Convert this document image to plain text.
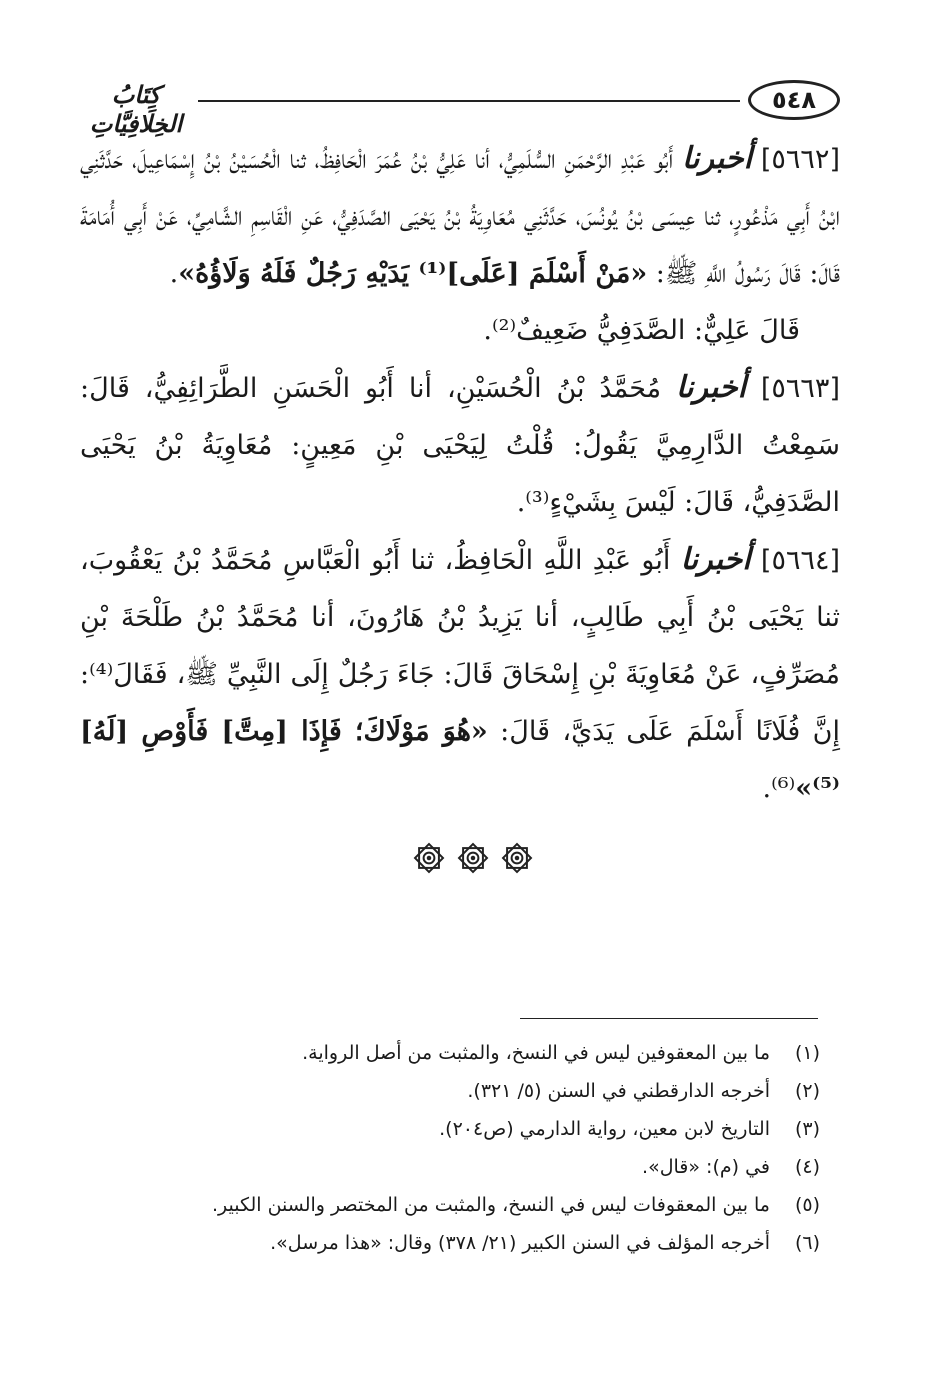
٥٤٨
كِتَابُ الخِلَافِيَّاتِ

[٥٦٦٢] أخبرنا أَبُو عَبْدِ الرَّحْمَنِ السُّلَمِيُّ، أنا عَلِيُّ بْنُ عُمَرَ الْحَافِظُ، ثنا الْحُسَيْنُ بْنُ إِسْمَاعِيلَ، حَدَّثَنِي ابْنُ أَبِي مَذْعُورٍ، ثنا عِيسَى بْنُ يُونُسَ، حَدَّثَنِي مُعَاوِيَةُ بْنُ يَحْيَى الصَّدَفِيُّ، عَنِ الْقَاسِمِ الشَّامِيِّ، عَنْ أَبِي أُمَامَةَ قَالَ: قَالَ رَسُولُ اللَّهِ ﷺ: «مَنْ أَسْلَمَ [عَلَى]⁽¹⁾ يَدَيْهِ رَجُلٌ فَلَهُ وَلَاؤُهُ».

قَالَ عَلِيٌّ: الصَّدَفِيُّ ضَعِيفٌ⁽²⁾.

[٥٦٦٣] أخبرنا مُحَمَّدُ بْنُ الْحُسَيْنِ، أنا أَبُو الْحَسَنِ الطَّرَائِفِيُّ، قَالَ: سَمِعْتُ الدَّارِمِيَّ يَقُولُ: قُلْتُ لِيَحْيَى بْنِ مَعِينٍ: مُعَاوِيَةُ بْنُ يَحْيَى الصَّدَفِيُّ، قَالَ: لَيْسَ بِشَيْءٍ⁽³⁾.

[٥٦٦٤] أخبرنا أَبُو عَبْدِ اللَّهِ الْحَافِظُ، ثنا أَبُو الْعَبَّاسِ مُحَمَّدُ بْنُ يَعْقُوبَ، ثنا يَحْيَى بْنُ أَبِي طَالِبٍ، أنا يَزِيدُ بْنُ هَارُونَ، أنا مُحَمَّدُ بْنُ طَلْحَةَ بْنِ مُصَرِّفٍ، عَنْ مُعَاوِيَةَ بْنِ إِسْحَاقَ قَالَ: جَاءَ رَجُلٌ إِلَى النَّبِيِّ ﷺ، فَقَالَ⁽⁴⁾: إِنَّ فُلَانًا أَسْلَمَ عَلَى يَدَيَّ، قَالَ: «هُوَ مَوْلَاكَ؛ فَإِذَا [مِتَّ] فَأَوْصِ [لَهُ]⁽⁵⁾»⁽⁶⁾.

(١)
ما بين المعقوفين ليس في النسخ، والمثبت من أصل الرواية.
(٢)
أخرجه الدارقطني في السنن (٥/ ٣٢١).
(٣)
التاريخ لابن معين، رواية الدارمي (ص٢٠٤).
(٤)
في (م): «قال».
(٥)
ما بين المعقوفات ليس في النسخ، والمثبت من المختصر والسنن الكبير.
(٦)
أخرجه المؤلف في السنن الكبير (٢١/ ٣٧٨) وقال: «هذا مرسل».
